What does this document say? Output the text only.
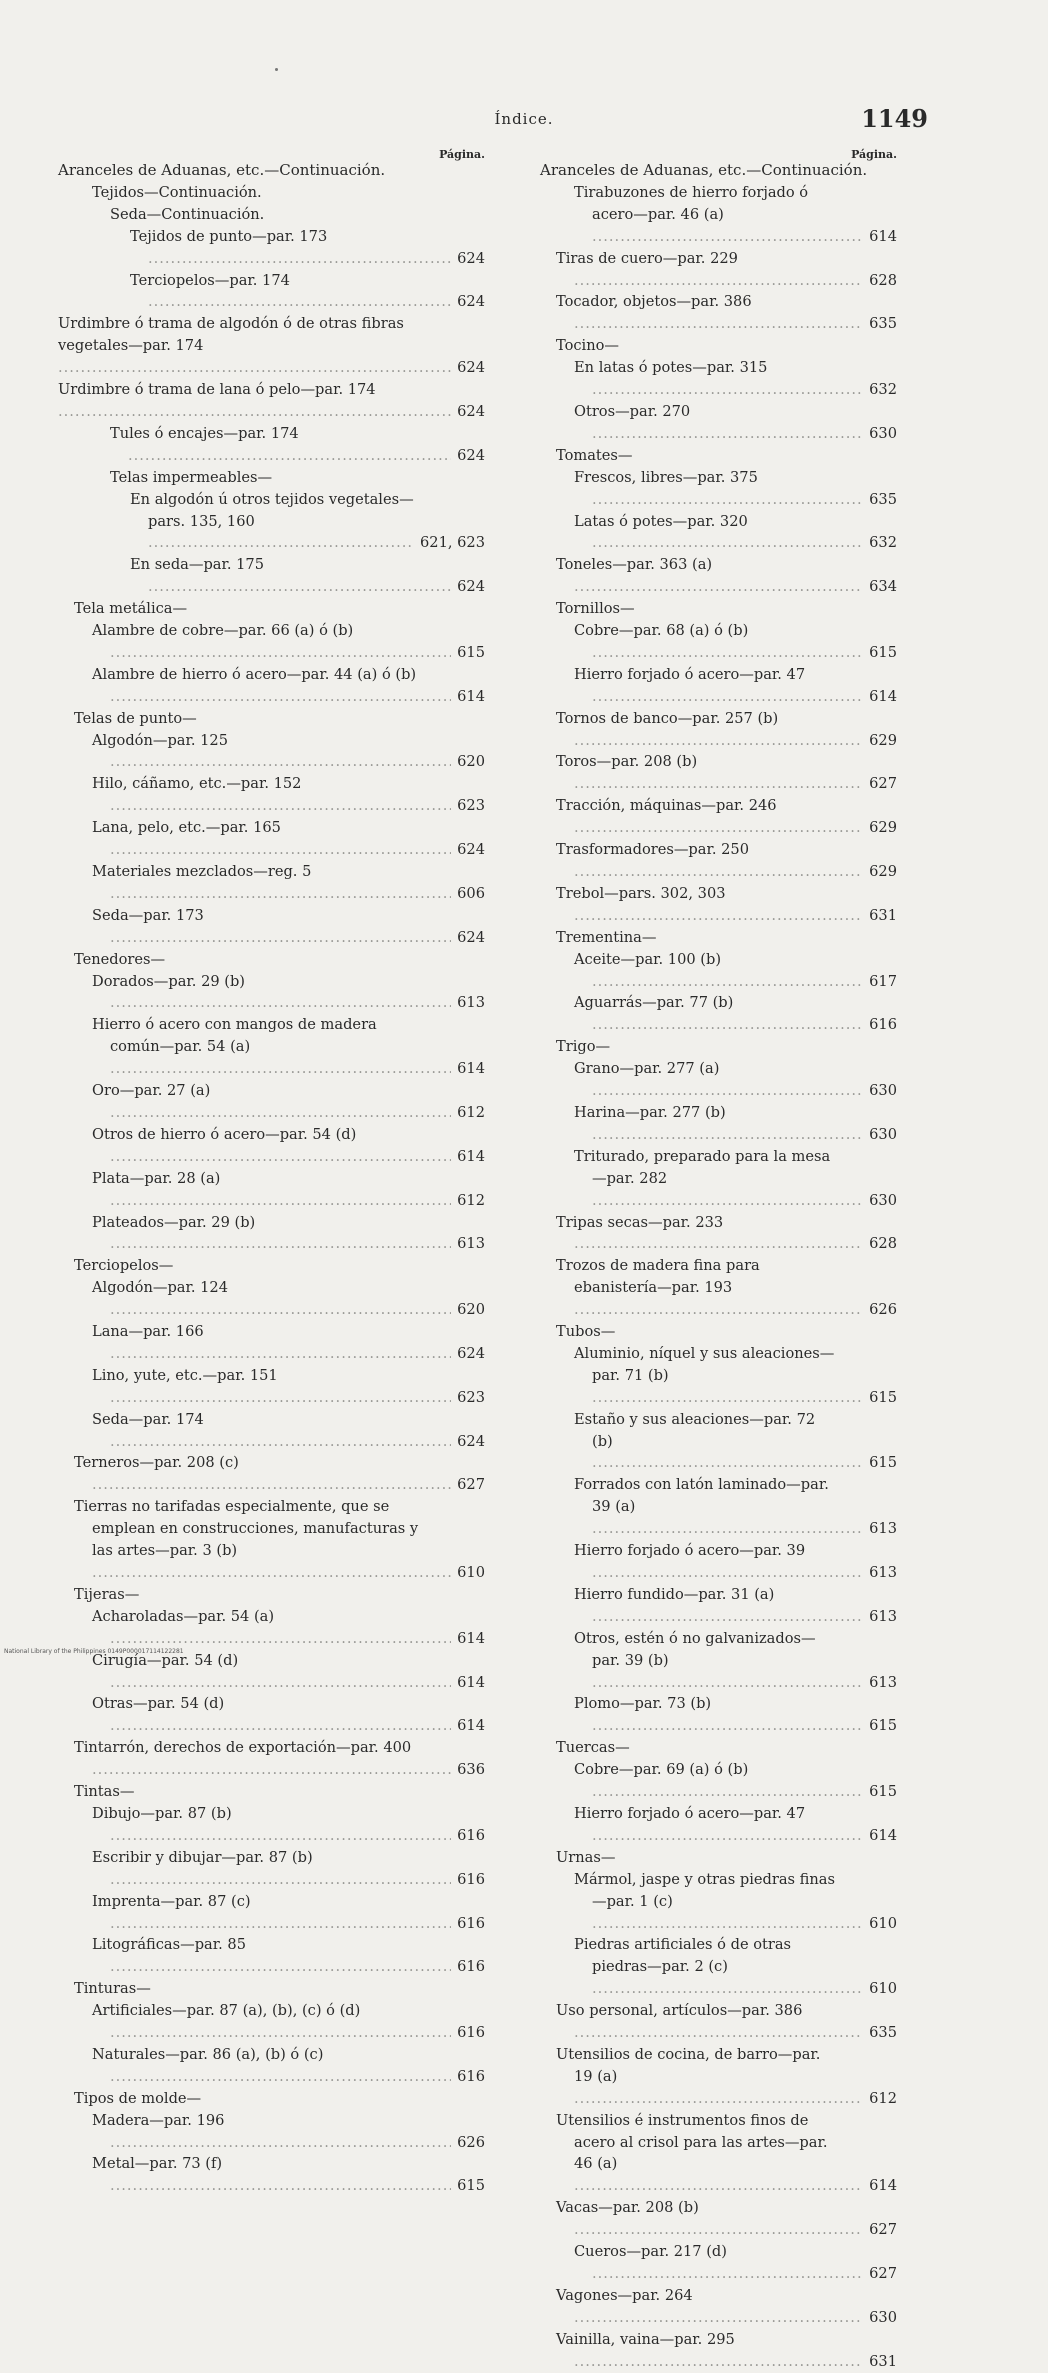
Índice.	1149
Página.
Aranceles de Aduanas, etc.—Continuación.
Tejidos—Continuación.
Seda—Continuación.
Tejidos de punto—par. 173 .....
624
Terciopelos—par. 174 .....
624
Urdimbre ó trama de algodón ó de otras fibras vegetales—par. 174 .....
624
Urdimbre ó trama de lana ó pelo—par. 174 .....
624
Tules ó encajes—par. 174 .....
624
Telas impermeables—
En algodón ú otros tejidos vegetales—pars. 135, 160 .....
621, 623
En seda—par. 175 .....
624
Tela metálica—
Alambre de cobre—par. 66 (a) ó (b) .....
615
Alambre de hierro ó acero—par. 44 (a) ó (b) .....
614
Telas de punto—
Algodón—par. 125 .....
620
Hilo, cáñamo, etc.—par. 152 .....
623
Lana, pelo, etc.—par. 165 .....
624
Materiales mezclados—reg. 5 .....
606
Seda—par. 173 .....
624
Tenedores—
Dorados—par. 29 (b) .....
613
Hierro ó acero con mangos de madera común—par. 54 (a) .....
614
Oro—par. 27 (a) .....
612
Otros de hierro ó acero—par. 54 (d) .....
614
Plata—par. 28 (a) .....
612
Plateados—par. 29 (b) .....
613
Terciopelos—
Algodón—par. 124 .....
620
Lana—par. 166 .....
624
Lino, yute, etc.—par. 151 .....
623
Seda—par. 174 .....
624
Terneros—par. 208 (c) .....
627
Tierras no tarifadas especialmente, que se emplean en construcciones, manufacturas y las artes—par. 3 (b) .....
610
Tijeras—
Acharoladas—par. 54 (a) .....
614
Cirugía—par. 54 (d) .....
614
Otras—par. 54 (d) .....
614
Tintarrón, derechos de exportación—par. 400 .....
636
Tintas—
Dibujo—par. 87 (b) .....
616
Escribir y dibujar—par. 87 (b) .....
616
Imprenta—par. 87 (c) .....
616
Litográficas—par. 85 .....
616
Tinturas—
Artificiales—par. 87 (a), (b), (c) ó (d) .....
616
Naturales—par. 86 (a), (b) ó (c) .....
616
Tipos de molde—
Madera—par. 196 .....
626
Metal—par. 73 (f) .....
615
Página.
Aranceles de Aduanas, etc.—Continuación.
Tirabuzones de hierro forjado ó acero—par. 46 (a) .....
614
Tiras de cuero—par. 229 .....
628
Tocador, objetos—par. 386 .....
635
Tocino—
En latas ó potes—par. 315 .....
632
Otros—par. 270 .....
630
Tomates—
Frescos, libres—par. 375 .....
635
Latas ó potes—par. 320 .....
632
Toneles—par. 363 (a) .....
634
Tornillos—
Cobre—par. 68 (a) ó (b) .....
615
Hierro forjado ó acero—par. 47 .....
614
Tornos de banco—par. 257 (b) .....
629
Toros—par. 208 (b) .....
627
Tracción, máquinas—par. 246 .....
629
Trasformadores—par. 250 .....
629
Trebol—pars. 302, 303 .....
631
Trementina—
Aceite—par. 100 (b) .....
617
Aguarrás—par. 77 (b) .....
616
Trigo—
Grano—par. 277 (a) .....
630
Harina—par. 277 (b) .....
630
Triturado, preparado para la mesa—par. 282 .....
630
Tripas secas—par. 233 .....
628
Trozos de madera fina para ebanistería—par. 193 .....
626
Tubos—
Aluminio, níquel y sus aleaciones—par. 71 (b) .....
615
Estaño y sus aleaciones—par. 72 (b) .....
615
Forrados con latón laminado—par. 39 (a) .....
613
Hierro forjado ó acero—par. 39 .....
613
Hierro fundido—par. 31 (a) .....
613
Otros, estén ó no galvanizados—par. 39 (b) .....
613
Plomo—par. 73 (b) .....
615
Tuercas—
Cobre—par. 69 (a) ó (b) .....
615
Hierro forjado ó acero—par. 47 .....
614
Urnas—
Mármol, jaspe y otras piedras finas—par. 1 (c) .....
610
Piedras artificiales ó de otras piedras—par. 2 (c) .....
610
Uso personal, artículos—par. 386 .....
635
Utensilios de cocina, de barro—par. 19 (a) .....
612
Utensilios é instrumentos finos de acero al crisol para las artes—par. 46 (a) .....
614
Vacas—par. 208 (b) .....
627
Cueros—par. 217 (d) .....
627
Vagones—par. 264 .....
630
Vainilla, vaina—par. 295 .....
631
National Library of the Philippines 0149P000017114122281
